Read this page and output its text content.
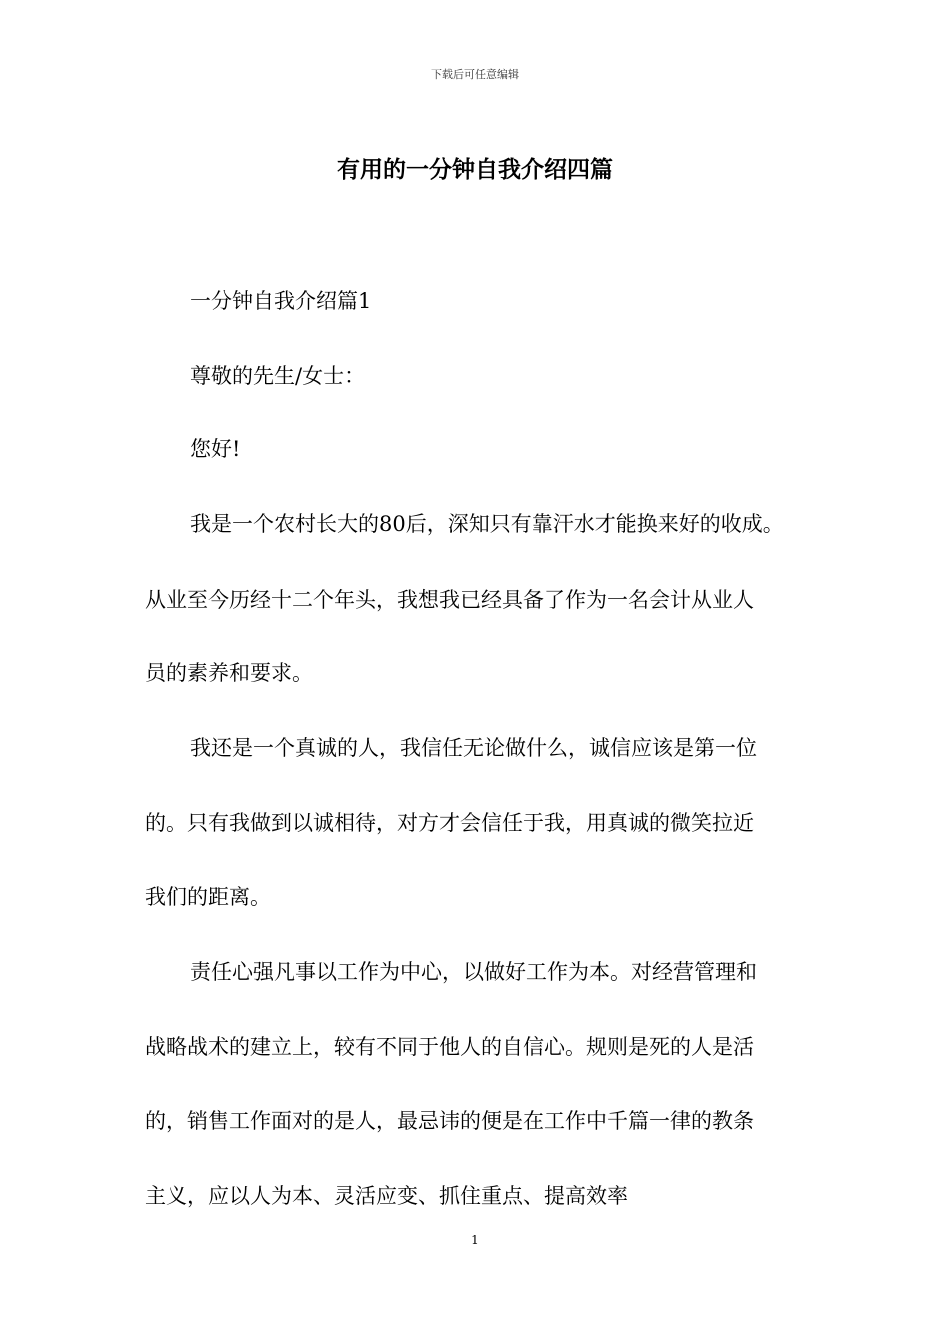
下载后可任意编辑
有用的一分钟自我介绍四篇
一分钟自我介绍篇1
尊敬的先生/女士：
您好!
我是一个农村长大的80后，深知只有靠汗水才能换来好的收成。
从业至今历经十二个年头，我想我已经具备了作为一名会计从业人
员的素养和要求。
我还是一个真诚的人，我信任无论做什么，诚信应该是第一位
的。只有我做到以诚相待，对方才会信任于我，用真诚的微笑拉近
我们的距离。
责任心强凡事以工作为中心，以做好工作为本。对经营管理和
战略战术的建立上，较有不同于他人的自信心。规则是死的人是活
的，销售工作面对的是人，最忌讳的便是在工作中千篇一律的教条
主义，应以人为本、灵活应变、抓住重点、提高效率
1
